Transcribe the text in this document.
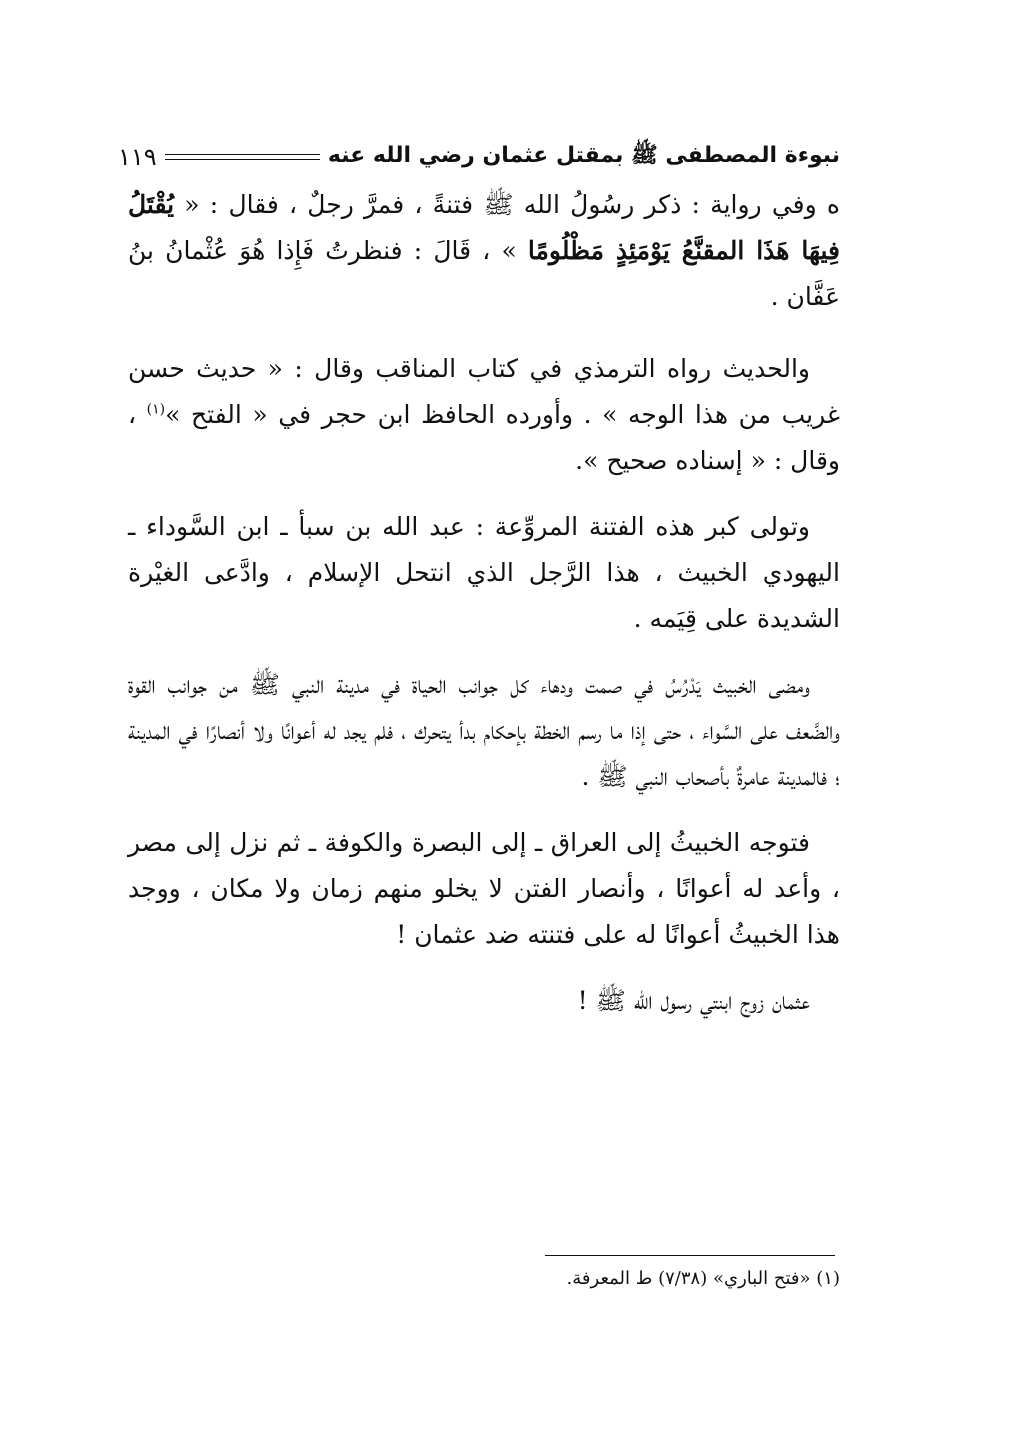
نبوءة المصطفى ﷺ بمقتل عثمان رضي الله عنه
١١٩

ه وفي رواية : ذكر رسُولُ الله ﷺ فتنةً ، فمرَّ رجلٌ ، فقال : « يُقْتَلُ فِيهَا هَذَا المقنَّعُ يَوْمَئِذٍ مَظْلُومًا » ، قَالَ : فنظرتُ فَإِذا هُوَ عُثْمانُ بنُ عَفَّان .

والحديث رواه الترمذي في كتاب المناقب وقال : « حديث حسن غريب من هذا الوجه » . وأورده الحافظ ابن حجر في « الفتح »$^{(١)}$ ، وقال : « إسناده صحيح ».

وتولى كبر هذه الفتنة المروِّعة : عبد الله بن سبأ ـ ابن السَّوداء ـ اليهودي الخبيث ، هذا الرَّجل الذي انتحل الإسلام ، وادَّعى الغيْرة الشديدة على قِيَمه .

ومضى الخبيث يَدْرُسُ في صمت ودهاء كل جوانب الحياة في مدينة النبي ﷺ من جوانب القوة والضَّعف على السَّواء ، حتى إذا ما رسم الخطة بإحكام بدأ يتحرك ، فلم يجد له أعوانًا ولا أنصارًا في المدينة ؛ فالمدينة عامرةٌ بأصحاب النبي ﷺ .

فتوجه الخبيثُ إلى العراق ـ إلى البصرة والكوفة ـ ثم نزل إلى مصر ، وأعد له أعوانًا ، وأنصار الفتن لا يخلو منهم زمان ولا مكان ، ووجد هذا الخبيثُ أعوانًا له على فتنته ضد عثمان !

عثمان زوج ابنتي رسول الله ﷺ !

(١) «فتح الباري» (٧/٣٨) ط المعرفة.
